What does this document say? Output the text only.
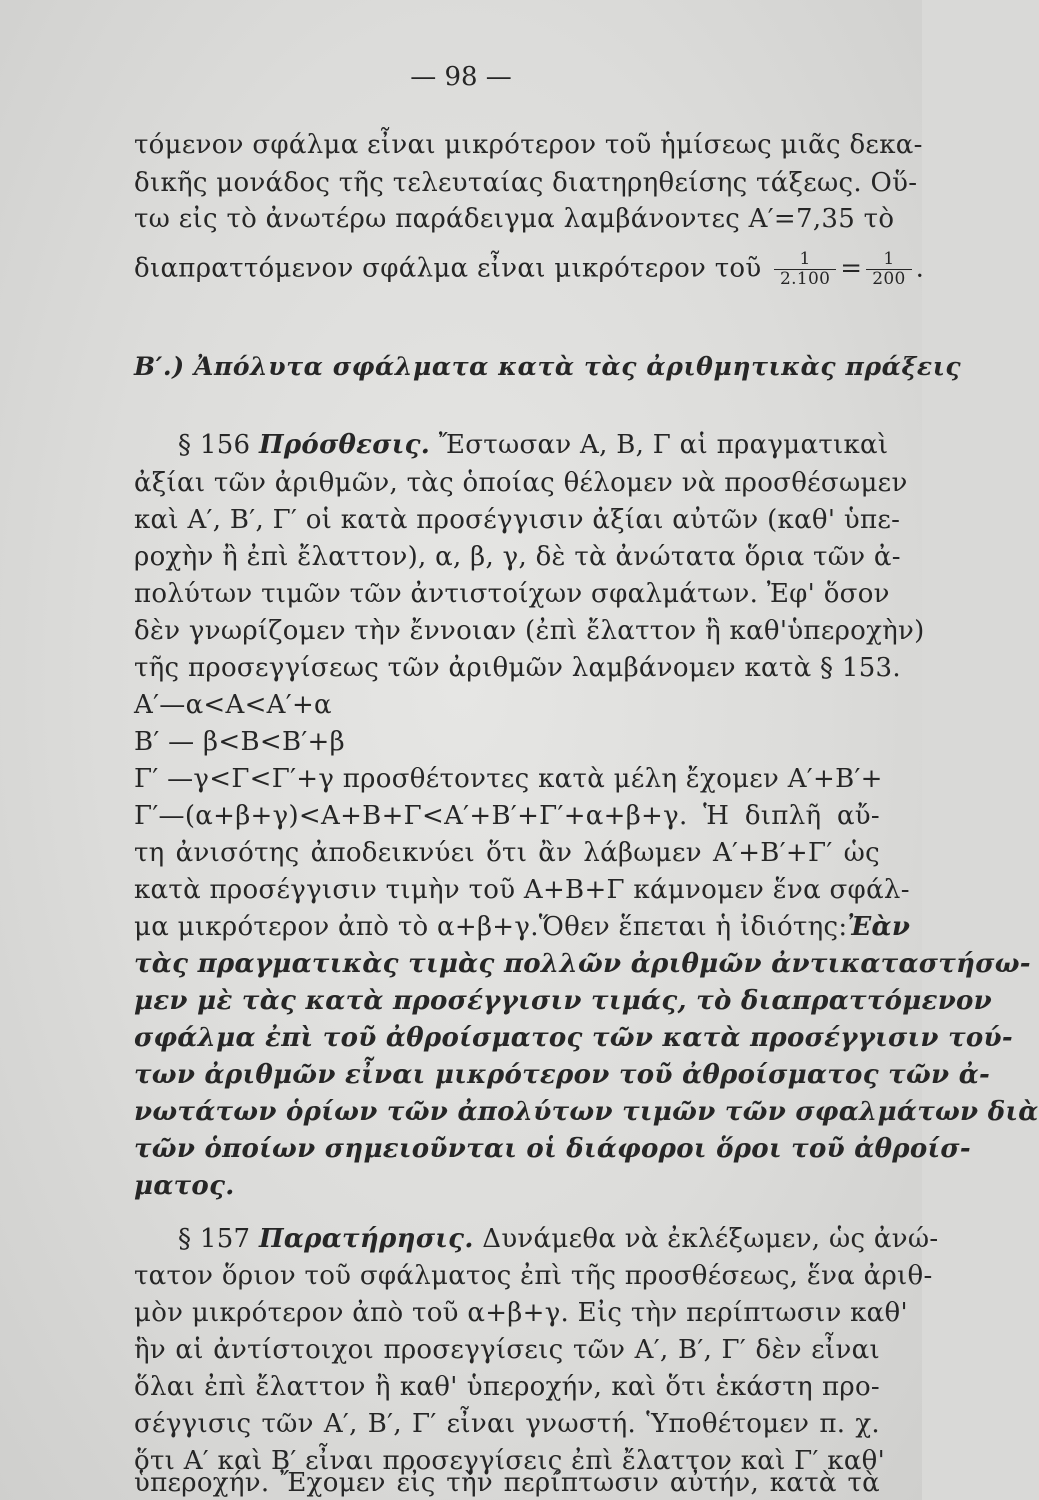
— 98 —
τόμενον σφάλμα εἶναι μικρότερον τοῦ ἡμίσεως μιᾶς δεκα-
δικῆς μονάδος τῆς τελευταίας διατηρηθείσης τάξεως. Οὕ-
τω εἰς τὸ ἀνωτέρω παράδειγμα λαμβάνοντες Α′=7,35 τὸ
διαπραττόμενον σφάλμα εἶναι μικρότερον τοῦ $\frac{1}{2.100} = \frac{1}{200}$ .
Β′.) Ἀπόλυτα σφάλματα κατὰ τὰς ἀριθμητικὰς πράξεις
§ 156 Πρόσθεσις. Ἔστωσαν Α, Β, Γ αἱ πραγματικαὶ
ἀξίαι τῶν ἀριθμῶν, τὰς ὁποίας θέλομεν νὰ προσθέσωμεν
καὶ Α′, Β′, Γ′ οἱ κατὰ προσέγγισιν ἀξίαι αὐτῶν (καθ' ὑπε-
ροχὴν ἢ ἐπὶ ἔλαττον), α, β, γ, δὲ τὰ ἀνώτατα ὅρια τῶν ἀ-
πολύτων τιμῶν τῶν ἀντιστοίχων σφαλμάτων. Ἐφ' ὅσον
δὲν γνωρίζομεν τὴν ἔννοιαν (ἐπὶ ἔλαττον ἢ καθ'ὑπεροχὴν)
τῆς προσεγγίσεως τῶν ἀριθμῶν λαμβάνομεν κατὰ § 153.
Α′—α<Α<Α′+α
Β′ — β<Β<Β′+β
Γ′ —γ<Γ<Γ′+γ προσθέτοντες κατὰ μέλη ἔχομεν Α′+Β′+
Γ′—(α+β+γ)<Α+Β+Γ<Α′+Β′+Γ′+α+β+γ. Ἡ διπλῆ αὔ-
τη ἀνισότης ἀποδεικνύει ὅτι ἂν λάβωμεν Α′+Β′+Γ′ ὡς
κατὰ προσέγγισιν τιμὴν τοῦ Α+Β+Γ κάμνομεν ἕνα σφάλ-
μα μικρότερον ἀπὸ τὸ α+β+γ.Ὅθεν ἕπεται ἡ ἰδιότης:Ἐὰν
τὰς πραγματικὰς τιμὰς πολλῶν ἀριθμῶν ἀντικαταστήσω-
μεν μὲ τὰς κατὰ προσέγγισιν τιμάς, τὸ διαπραττόμενον
σφάλμα ἐπὶ τοῦ ἀθροίσματος τῶν κατὰ προσέγγισιν τού-
των ἀριθμῶν εἶναι μικρότερον τοῦ ἀθροίσματος τῶν ἀ-
νωτάτων ὁρίων τῶν ἀπολύτων τιμῶν τῶν σφαλμάτων διὰ
τῶν ὁποίων σημειοῦνται οἱ διάφοροι ὅροι τοῦ ἀθροίσ-
ματος.
§ 157 Παρατήρησις. Δυνάμεθα νὰ ἐκλέξωμεν, ὡς ἀνώ-
τατον ὅριον τοῦ σφάλματος ἐπὶ τῆς προσθέσεως, ἕνα ἀριθ-
μὸν μικρότερον ἀπὸ τοῦ α+β+γ. Εἰς τὴν περίπτωσιν καθ'
ἣν αἱ ἀντίστοιχοι προσεγγίσεις τῶν Α′, Β′, Γ′ δὲν εἶναι
ὅλαι ἐπὶ ἔλαττον ἢ καθ' ὑπεροχήν, καὶ ὅτι ἑκάστη προ-
σέγγισις τῶν Α′, Β′, Γ′ εἶναι γνωστή. Ὑποθέτομεν π. χ.
ὅτι Α′ καὶ Β′ εἶναι προσεγγίσεις ἐπὶ ἔλαττον καὶ Γ′ καθ'
ὑπεροχήν. Ἔχομεν εἰς τὴν περίπτωσιν αὐτήν, κατὰ τὰ
